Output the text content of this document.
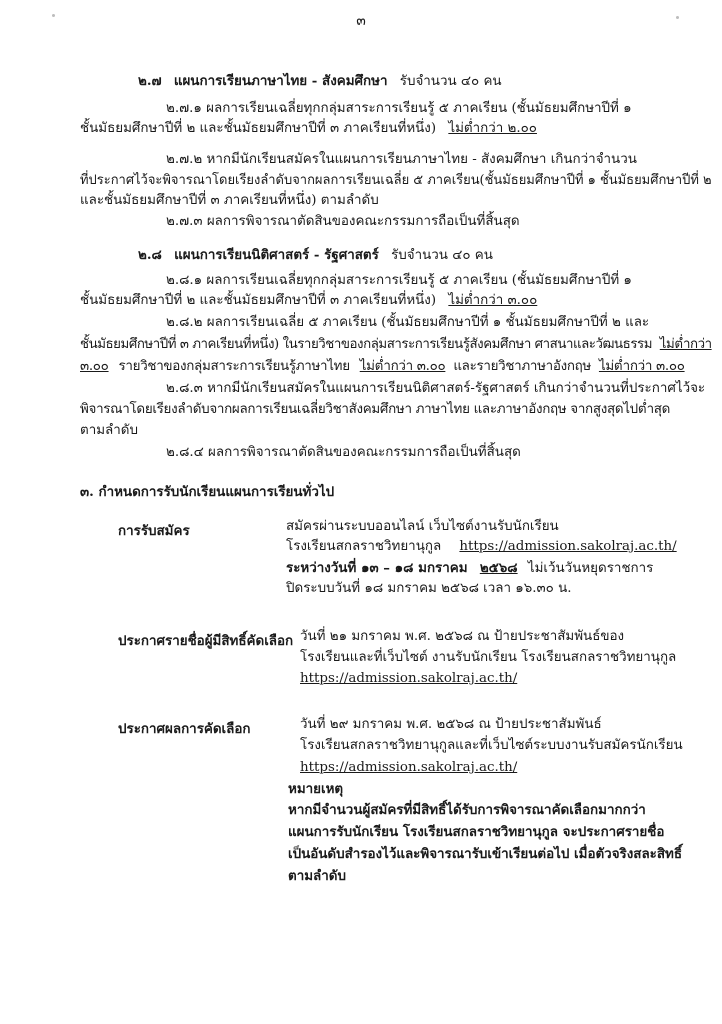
๓
๒.๗ แผนการเรียนภาษาไทย - สังคมศึกษา รับจำนวน ๔๐ คน
๒.๗.๑ ผลการเรียนเฉลี่ยทุกกลุ่มสาระการเรียนรู้ ๕ ภาคเรียน (ชั้นมัธยมศึกษาปีที่ ๑
ชั้นมัธยมศึกษาปีที่ ๒ และชั้นมัธยมศึกษาปีที่ ๓ ภาคเรียนที่หนึ่ง) ไม่ต่ำกว่า ๒.๐๐
๒.๗.๒ หากมีนักเรียนสมัครในแผนการเรียนภาษาไทย - สังคมศึกษา เกินกว่าจำนวน
ที่ประกาศไว้จะพิจารณาโดยเรียงลำดับจากผลการเรียนเฉลี่ย ๕ ภาคเรียน(ชั้นมัธยมศึกษาปีที่ ๑ ชั้นมัธยมศึกษาปีที่ ๒
และชั้นมัธยมศึกษาปีที่ ๓ ภาคเรียนที่หนึ่ง) ตามลำดับ
๒.๗.๓ ผลการพิจารณาตัดสินของคณะกรรมการถือเป็นที่สิ้นสุด
๒.๘ แผนการเรียนนิติศาสตร์ - รัฐศาสตร์ รับจำนวน ๔๐ คน
๒.๘.๑ ผลการเรียนเฉลี่ยทุกกลุ่มสาระการเรียนรู้ ๕ ภาคเรียน (ชั้นมัธยมศึกษาปีที่ ๑
ชั้นมัธยมศึกษาปีที่ ๒ และชั้นมัธยมศึกษาปีที่ ๓ ภาคเรียนที่หนึ่ง) ไม่ต่ำกว่า ๓.๐๐
๒.๘.๒ ผลการเรียนเฉลี่ย ๕ ภาคเรียน (ชั้นมัธยมศึกษาปีที่ ๑ ชั้นมัธยมศึกษาปีที่ ๒ และ
ชั้นมัธยมศึกษาปีที่ ๓ ภาคเรียนที่หนึ่ง) ในรายวิชาของกลุ่มสาระการเรียนรู้สังคมศึกษา ศาสนาและวัฒนธรรม ไม่ต่ำกว่า
๓.๐๐ รายวิชาของกลุ่มสาระการเรียนรู้ภาษาไทย ไม่ต่ำกว่า ๓.๐๐ และรายวิชาภาษาอังกฤษ ไม่ต่ำกว่า ๓.๐๐
๒.๘.๓ หากมีนักเรียนสมัครในแผนการเรียนนิติศาสตร์-รัฐศาสตร์ เกินกว่าจำนวนที่ประกาศไว้จะ
พิจารณาโดยเรียงลำดับจากผลการเรียนเฉลี่ยวิชาสังคมศึกษา ภาษาไทย และภาษาอังกฤษ จากสูงสุดไปต่ำสุด
ตามลำดับ
๒.๘.๔ ผลการพิจารณาตัดสินของคณะกรรมการถือเป็นที่สิ้นสุด
๓. กำหนดการรับนักเรียนแผนการเรียนทั่วไป
การรับสมัคร	สมัครผ่านระบบออนไลน์ เว็บไซต์งานรับนักเรียน
โรงเรียนสกลราชวิทยานุกูล https://admission.sakolraj.ac.th/
ระหว่างวันที่ ๑๓ – ๑๘ มกราคม ๒๕๖๘ ไม่เว้นวันหยุดราชการ
ปิดระบบวันที่ ๑๘ มกราคม ๒๕๖๘ เวลา ๑๖.๓๐ น.
ประกาศรายชื่อผู้มีสิทธิ์คัดเลือก วันที่ ๒๑ มกราคม พ.ศ. ๒๕๖๘ ณ ป้ายประชาสัมพันธ์ของ
โรงเรียนและที่เว็บไซต์ งานรับนักเรียน โรงเรียนสกลราชวิทยานุกูล
https://admission.sakolraj.ac.th/
ประกาศผลการคัดเลือก	วันที่ ๒๙ มกราคม พ.ศ. ๒๕๖๘ ณ ป้ายประชาสัมพันธ์
โรงเรียนสกลราชวิทยานุกูลและที่เว็บไซต์ระบบงานรับสมัครนักเรียน
https://admission.sakolraj.ac.th/
หมายเหตุ
หากมีจำนวนผู้สมัครที่มีสิทธิ์ได้รับการพิจารณาคัดเลือกมากกว่า
แผนการรับนักเรียน โรงเรียนสกลราชวิทยานุกูล จะประกาศรายชื่อ
เป็นอันดับสำรองไว้และพิจารณารับเข้าเรียนต่อไป เมื่อตัวจริงสละสิทธิ์
ตามลำดับ
